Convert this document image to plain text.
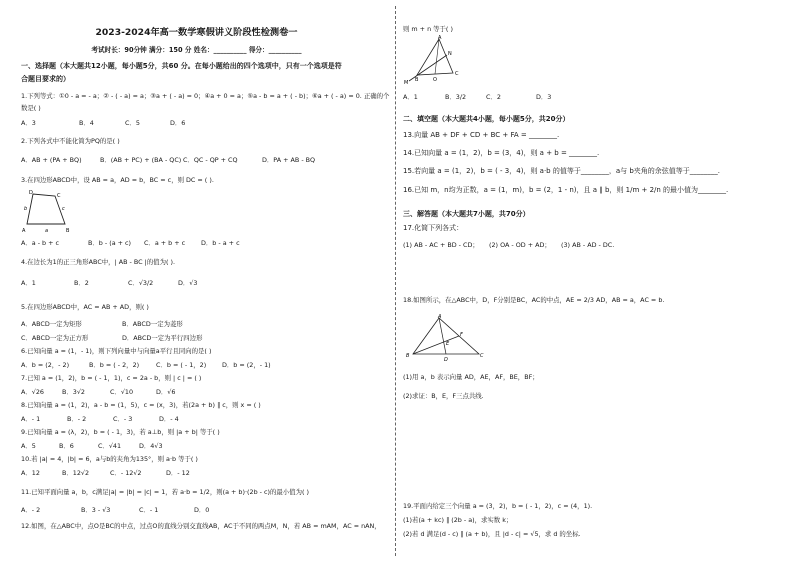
2023-2024年高一数学寒假讲义阶段性检测卷一
考试时长：90分钟 满分：150 分 姓名：__________ 得分：__________
一、选择题（本大题共12小题，每小题5分，共60 分。在每小题给出的四个选项中，只有一个选项是符
合题目要求的）
1.下列等式：①0 - a = - a；② - ( - a) = a；③a + ( - a) = 0；④a + 0 = a；⑤a - b = a + ( - b)；⑥a + ( - a) = 0. 正确的个
数是( )
A．3	B．4	C．5	D．6
2.下列各式中不能化简为PQ的是( )
A．AB + (PA + BQ)	B．(AB + PC) + (BA - QC) C．QC - QP + CQ	D．PA + AB - BQ
3.在四边形ABCD中，设 AB = a，AD = b，BC = c，则 DC = ( ).
A	B
C
D
a
b	c
A．a - b + c	B．b - (a + c) C．a + b + c D．b - a + c
4.在边长为1的正三角形ABC中，| AB - BC |的值为( ).
A．1	B．2	C．√3/2	D．√3
5.在四边形ABCD中，AC = AB + AD，则( )
A．ABCD一定为矩形	B．ABCD一定为菱形
C．ABCD一定为正方形	D．ABCD一定为平行四边形
6.已知向量 a = (1，- 1)，则下列向量中与向量a平行且同向的是( )
A．b = (2，- 2)	B．b = ( - 2，2)	C．b = ( - 1，2) D．b = (2，- 1)
7.已知 a = (1，2)，b = ( - 1，1)，c = 2a - b，则 | c | = ( )
A．√26	B．3√2	C．√10	D．√6
8.已知向量 a = (1，2)，a - b = (1，5)，c = (x，3)，若(2a + b) ∥ c，则 x = ( )
A．- 1	B．- 2	C．- 3	D．- 4
9.已知向量 a = (λ，2)，b = ( - 1，3)，若 a⊥b，则 |a + b| 等于( )
A．5	B．6	C．√41	D．4√3
10.若 |a| = 4，|b| = 6，a与b的夹角为135°，则 a·b 等于( )
A．12	B．12√2	C．- 12√2	D．- 12
11.已知平面向量 a，b，c满足|a| = |b| = |c| = 1，若 a·b = 1/2，则(a + b)·(2b - c)的最小值为( )
A．- 2	B．3 - √3	C．- 1	D．0
12.如图，在△ABC中，点O是BC的中点，过点O的直线分别交直线AB，AC于不同的两点M，N，若 AB = mAM，AC = nAN，
则 m + n 等于( )
A
B	O
N
C
M
A．1	B．3/2	C．2	D．3
二、填空题（本大题共4小题，每小题5分，共20分）
13.向量 AB + DF + CD + BC + FA = ________.
14.已知向量 a = (1，2)，b = (3，4)，则 a + b = ________.
15.若向量 a = (1，2)，b = ( - 3，4)，则 a·b 的值等于________，a与 b夹角的余弦值等于________.
16.已知 m，n均为正数，a = (1，m)，b = (2，1 - n)，且 a ∥ b，则 1/m + 2/n 的最小值为________.
三、解答题（本大题共7小题，共70分）
17.化简下列各式：
(1) AB - AC + BD - CD； (2) OA - OD + AD； (3) AB - AD - DC.
18.如图所示，在△ABC中，D，F分别是BC，AC的中点，AE = 2/3 AD，AB = a，AC = b.
A
F
E
B
D
C
(1)用 a，b 表示向量 AD，AE，AF，BE，BF；
(2)求证：B，E，F三点共线.
19.平面内给定三个向量 a = (3，2)，b = ( - 1，2)，c = (4，1).
(1)若(a + kc) ∥ (2b - a)，求实数 k；
(2)若 d 满足(d - c) ∥ (a + b)，且 |d - c| = √5，求 d 的坐标.
